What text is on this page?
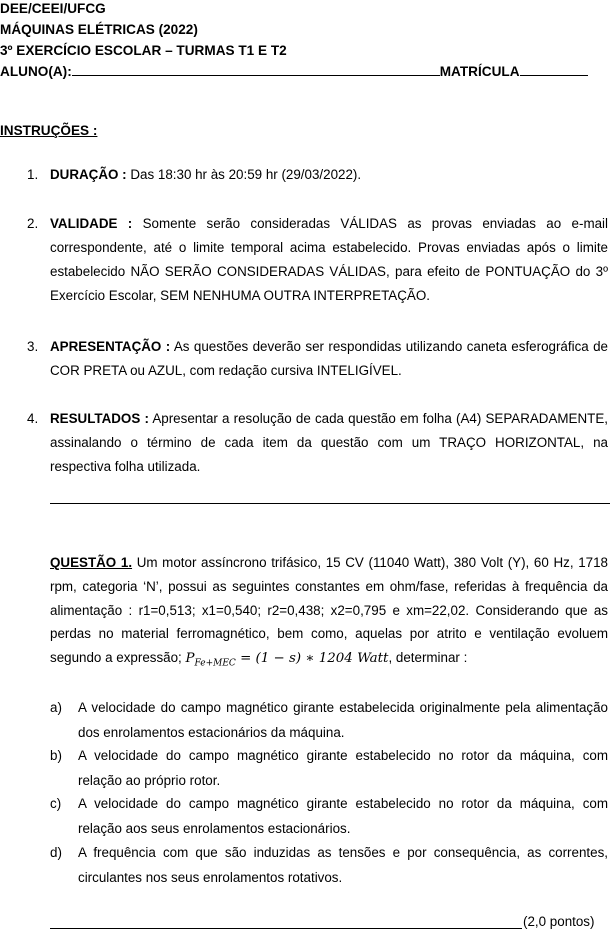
DEE/CEEI/UFCG

MÁQUINAS ELÉTRICAS (2022)

3º EXERCÍCIO ESCOLAR – TURMAS T1 E T2

ALUNO(A):	MATRÍCULA

INSTRUÇÕES :

1. DURAÇÃO : Das 18:30 hr às 20:59 hr (29/03/2022).

2. VALIDADE : Somente serão consideradas VÁLIDAS as provas enviadas ao e-mail correspondente, até o limite temporal acima estabelecido. Provas enviadas após o limite estabelecido NÃO SERÃO CONSIDERADAS VÁLIDAS, para efeito de PONTUAÇÃO do 3º Exercício Escolar, SEM NENHUMA OUTRA INTERPRETAÇÃO.

3. APRESENTAÇÃO : As questões deverão ser respondidas utilizando caneta esferográfica de COR PRETA ou AZUL, com redação cursiva INTELIGÍVEL.

4. RESULTADOS : Apresentar a resolução de cada questão em folha (A4) SEPARADAMENTE, assinalando o término de cada item da questão com um TRAÇO HORIZONTAL, na respectiva folha utilizada.

QUESTÃO 1. Um motor assíncrono trifásico, 15 CV (11040 Watt), 380 Volt (Y), 60 Hz, 1718 rpm, categoria ‘N’, possui as seguintes constantes em ohm/fase, referidas à frequência da alimentação : r1=0,513; x1=0,540; r2=0,438; x2=0,795 e xm=22,02. Considerando que as perdas no material ferromagnético, bem como, aquelas por atrito e ventilação evoluem segundo a expressão; $P_{Fe+MEC} = (1 - s)$ ∗ 1204 Watt, determinar :

a) A velocidade do campo magnético girante estabelecida originalmente pela alimentação dos enrolamentos estacionários da máquina.

b) A velocidade do campo magnético girante estabelecido no rotor da máquina, com relação ao próprio rotor.

c) A velocidade do campo magnético girante estabelecido no rotor da máquina, com relação aos seus enrolamentos estacionários.

d) A frequência com que são induzidas as tensões e por consequência, as correntes, circulantes nos seus enrolamentos rotativos.

(2,0 pontos)
